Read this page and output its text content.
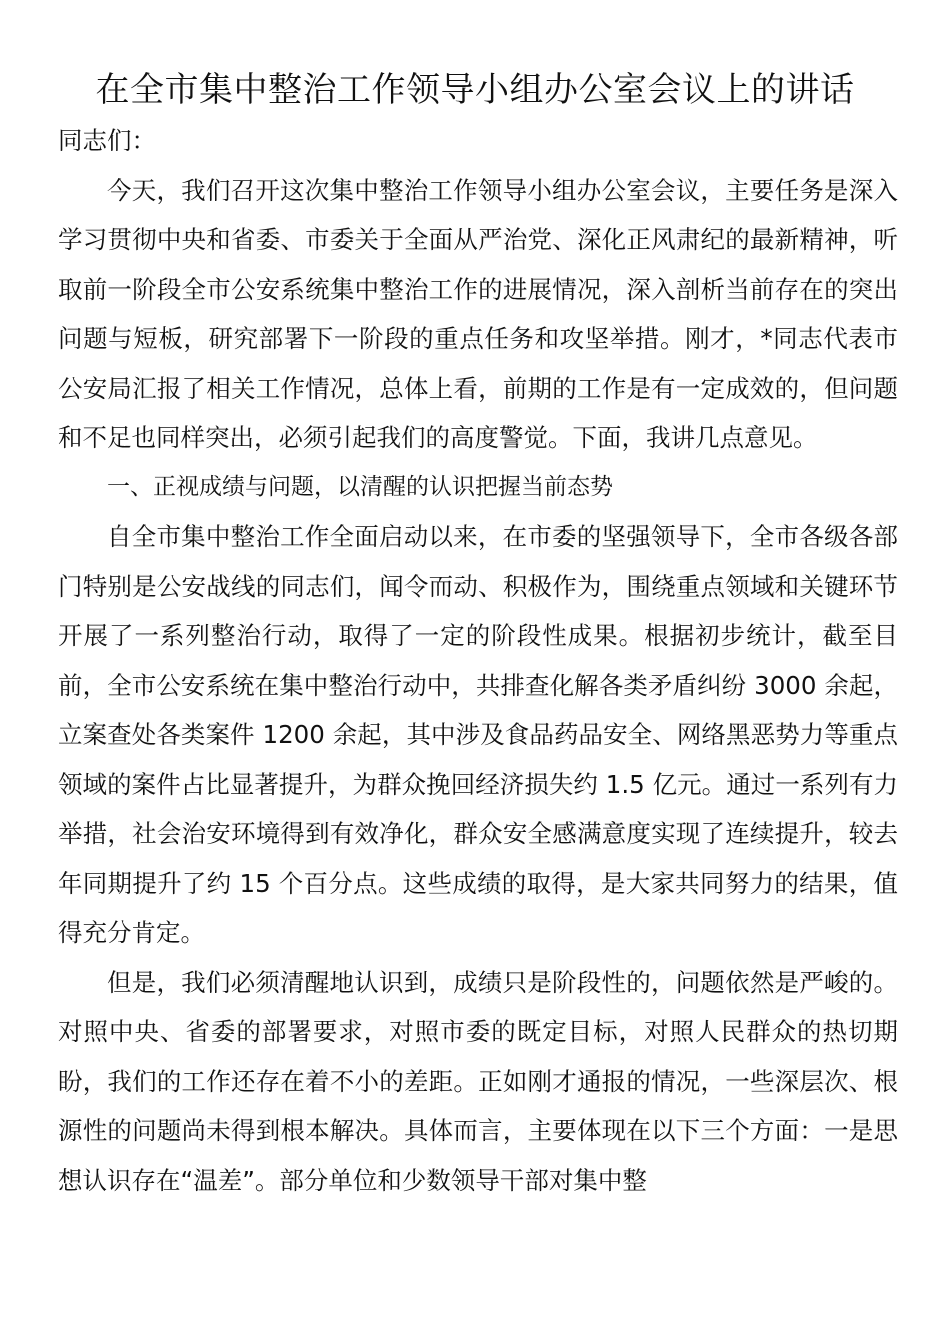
在全市集中整治工作领导小组办公室会议上的讲话

同志们：

今天，我们召开这次集中整治工作领导小组办公室会议，主要任务是深入学习贯彻中央和省委、市委关于全面从严治党、深化正风肃纪的最新精神，听取前一阶段全市公安系统集中整治工作的进展情况，深入剖析当前存在的突出问题与短板，研究部署下一阶段的重点任务和攻坚举措。刚才，*同志代表市公安局汇报了相关工作情况，总体上看，前期的工作是有一定成效的，但问题和不足也同样突出，必须引起我们的高度警觉。下面，我讲几点意见。

一、正视成绩与问题，以清醒的认识把握当前态势

自全市集中整治工作全面启动以来，在市委的坚强领导下，全市各级各部门特别是公安战线的同志们，闻令而动、积极作为，围绕重点领域和关键环节开展了一系列整治行动，取得了一定的阶段性成果。根据初步统计，截至目前，全市公安系统在集中整治行动中，共排查化解各类矛盾纠纷 3000 余起，立案查处各类案件 1200 余起，其中涉及食品药品安全、网络黑恶势力等重点领域的案件占比显著提升，为群众挽回经济损失约 1.5 亿元。通过一系列有力举措，社会治安环境得到有效净化，群众安全感满意度实现了连续提升，较去年同期提升了约 15 个百分点。这些成绩的取得，是大家共同努力的结果，值得充分肯定。

但是，我们必须清醒地认识到，成绩只是阶段性的，问题依然是严峻的。对照中央、省委的部署要求，对照市委的既定目标，对照人民群众的热切期盼，我们的工作还存在着不小的差距。正如刚才通报的情况，一些深层次、根源性的问题尚未得到根本解决。具体而言，主要体现在以下三个方面：一是思想认识存在“温差”。部分单位和少数领导干部对集中整
